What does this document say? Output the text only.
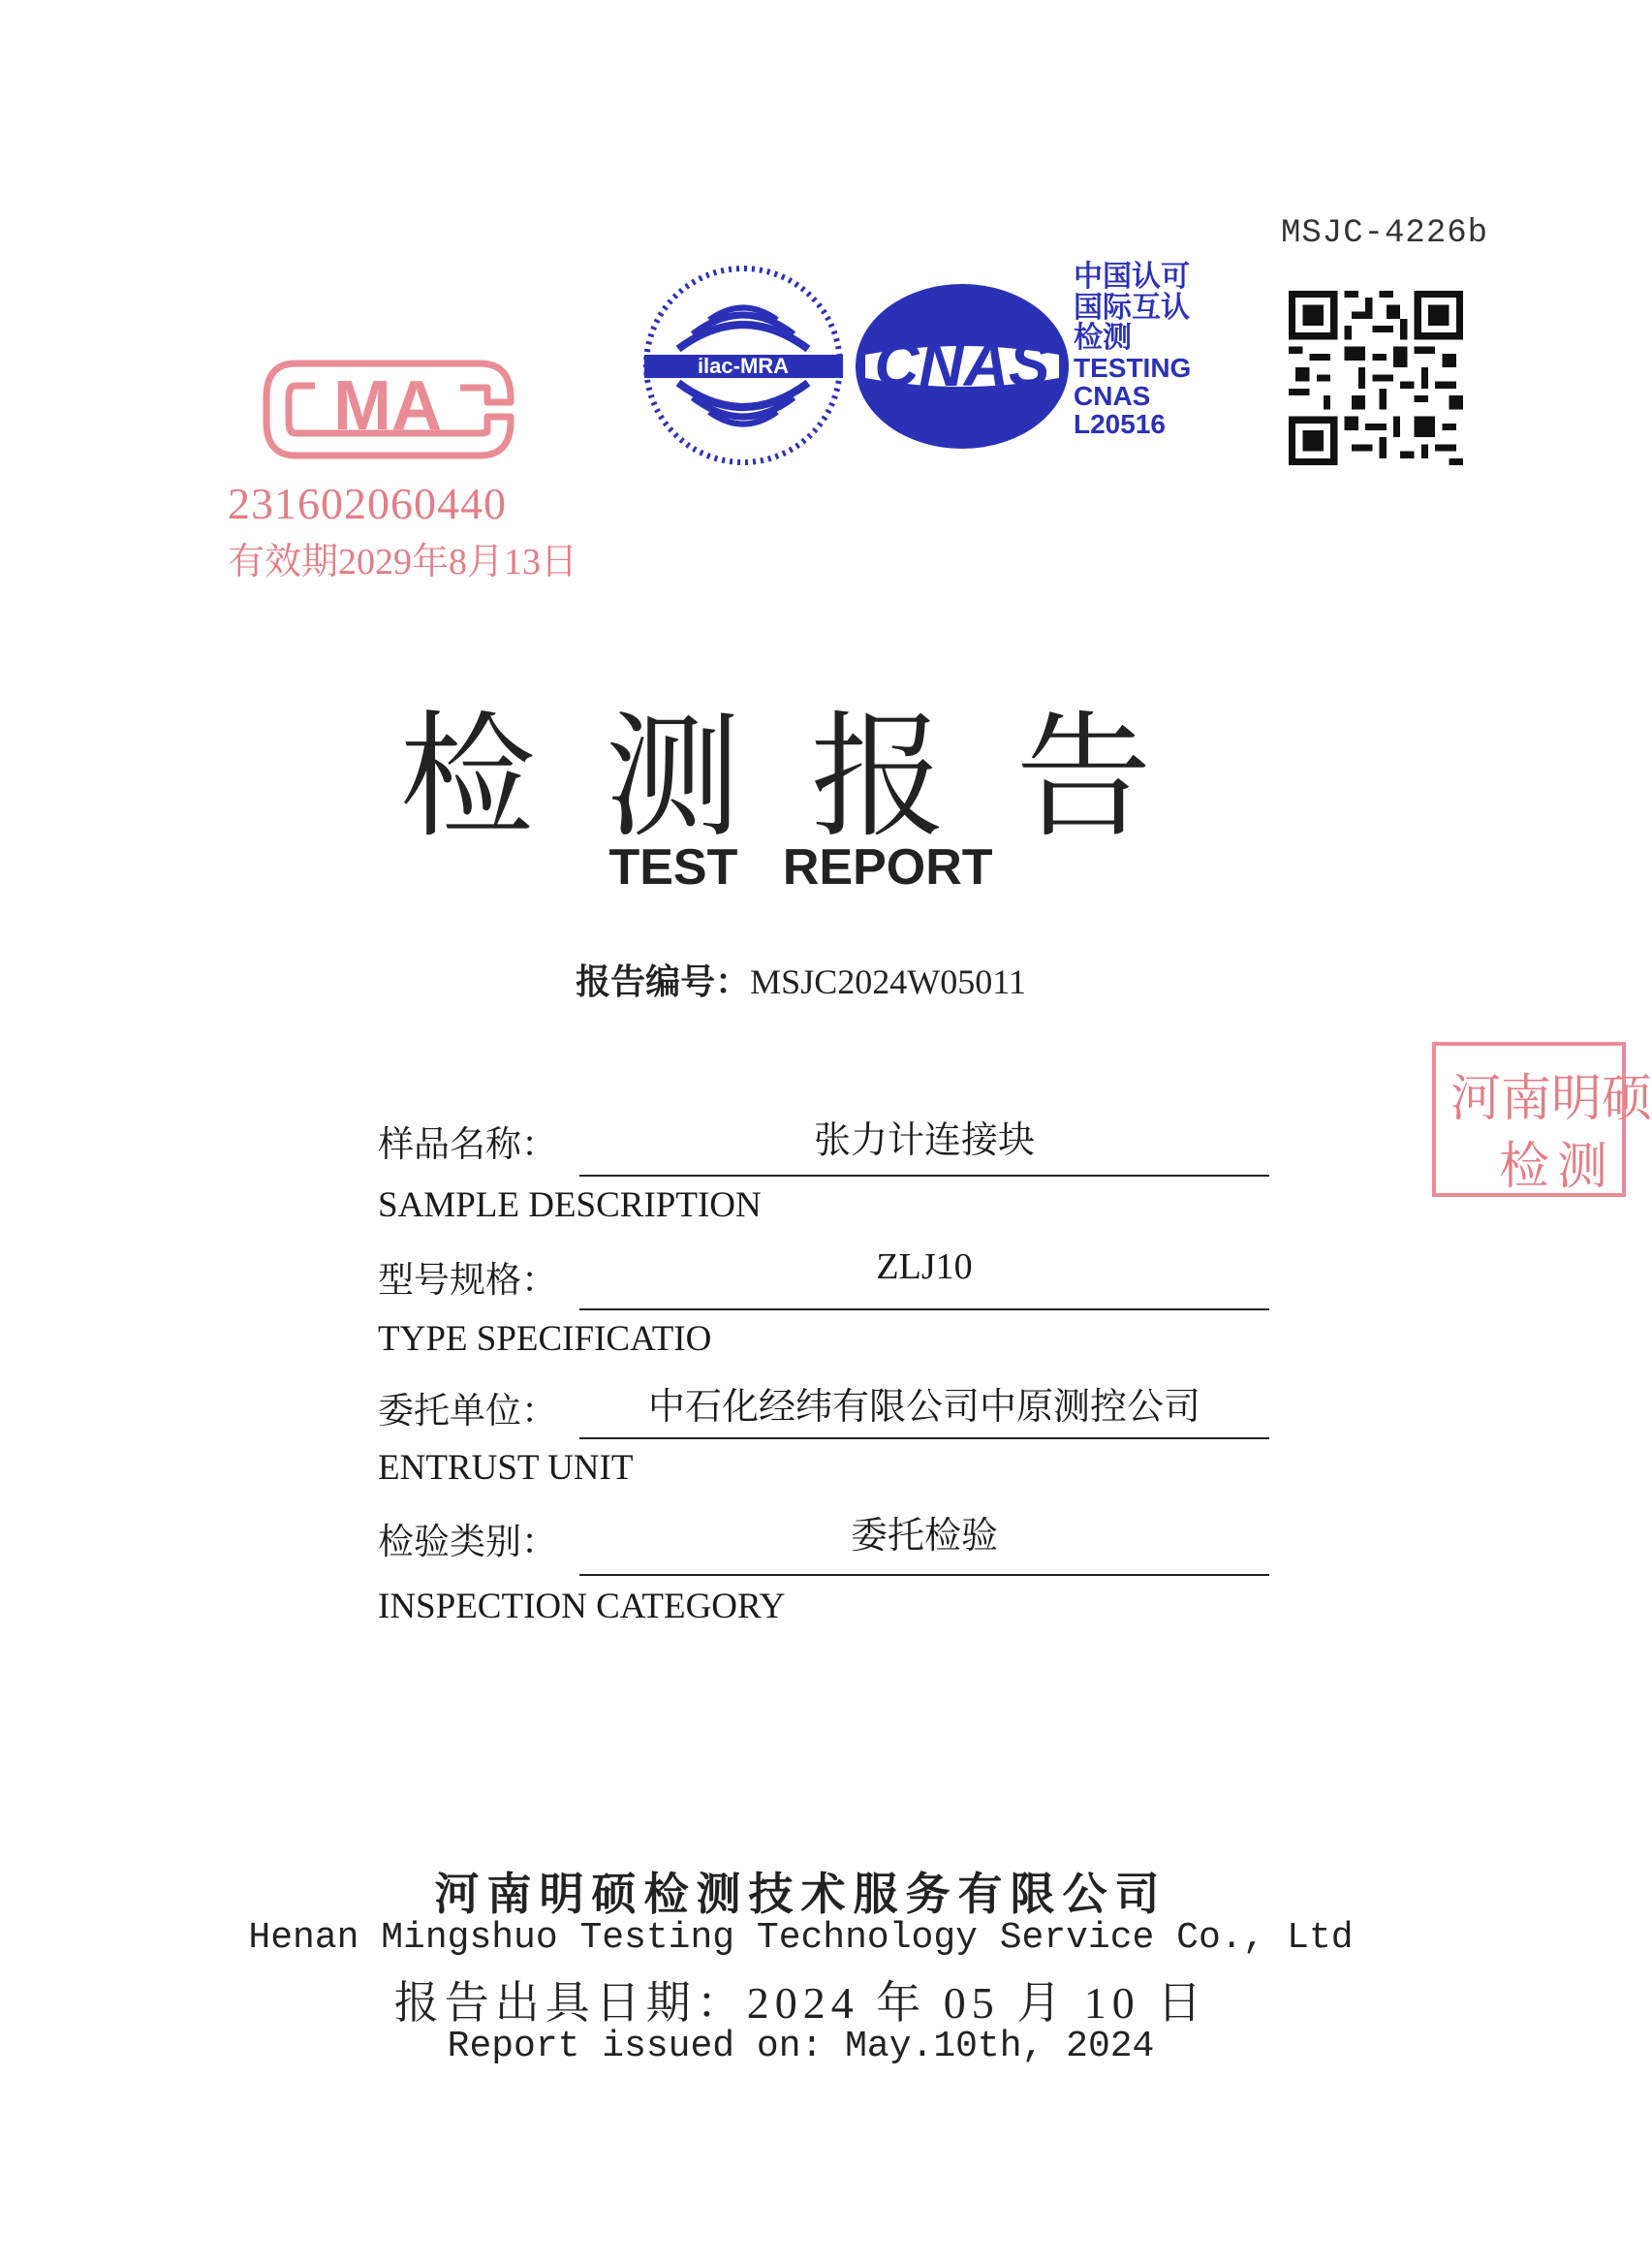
MSJC-4226b
MA
231602060440
有效期2029年8月13日
ilac-MRA CNAS
中国认可
国际互认
检测
TESTING
CNAS L20516
检测报告
TEST REPORT
报告编号：MSJC2024W05011
河南明硕
检测
样品名称：	张力计连接块
SAMPLE DESCRIPTION
型号规格：	ZLJ10
TYPE SPECIFICATIO
委托单位：	中石化经纬有限公司中原测控公司
ENTRUST UNIT
检验类别：	委托检验
INSPECTION CATEGORY
河南明硕检测技术服务有限公司
Henan Mingshuo Testing Technology Service Co., Ltd
报告出具日期：2024 年 05 月 10 日
Report issued on: May.10th, 2024
